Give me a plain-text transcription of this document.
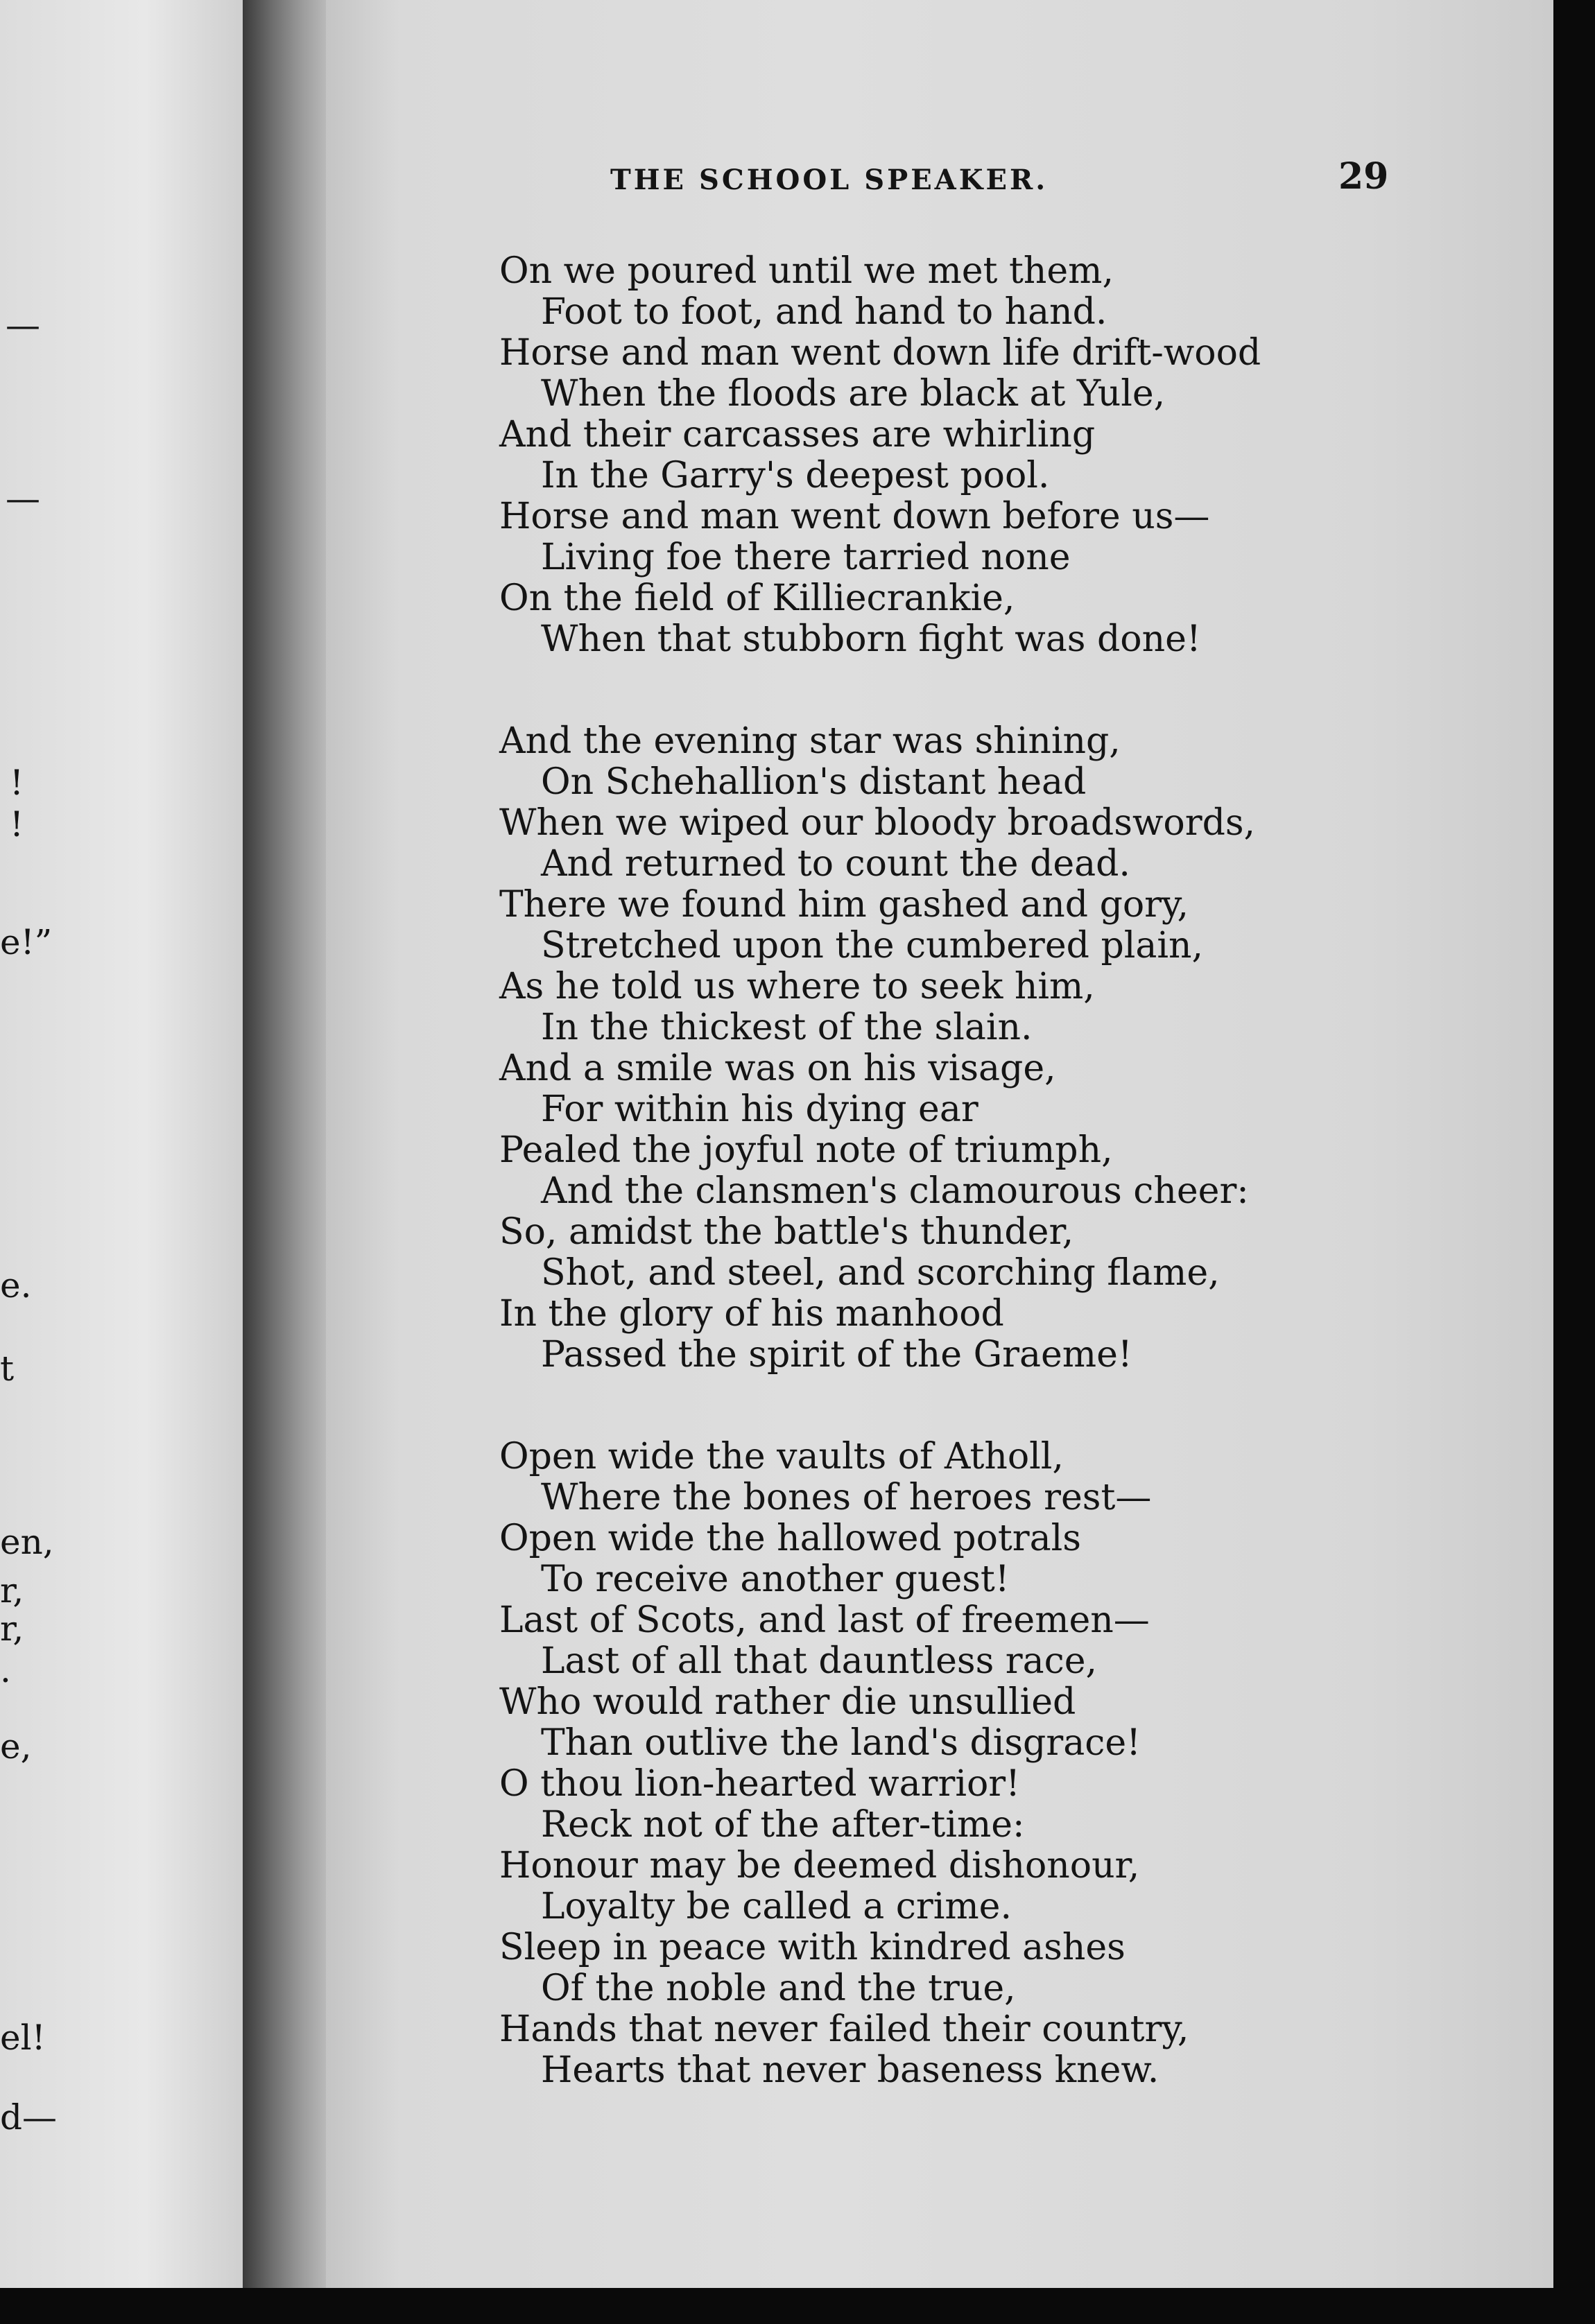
—
—
!
!
e!”
e.
t
en,
r,
r,
.
e,
el!
d—
THE SCHOOL SPEAKER.	29
On we poured until we met them,
Foot to foot, and hand to hand.
Horse and man went down life drift-wood
When the floods are black at Yule,
And their carcasses are whirling
In the Garry's deepest pool.
Horse and man went down before us—
Living foe there tarried none
On the field of Killiecrankie,
When that stubborn fight was done!
And the evening star was shining,
On Schehallion's distant head
When we wiped our bloody broadswords,
And returned to count the dead.
There we found him gashed and gory,
Stretched upon the cumbered plain,
As he told us where to seek him,
In the thickest of the slain.
And a smile was on his visage,
For within his dying ear
Pealed the joyful note of triumph,
And the clansmen's clamourous cheer:
So, amidst the battle's thunder,
Shot, and steel, and scorching flame,
In the glory of his manhood
Passed the spirit of the Graeme!
Open wide the vaults of Atholl,
Where the bones of heroes rest—
Open wide the hallowed potrals
To receive another guest!
Last of Scots, and last of freemen—
Last of all that dauntless race,
Who would rather die unsullied
Than outlive the land's disgrace!
O thou lion-hearted warrior!
Reck not of the after-time:
Honour may be deemed dishonour,
Loyalty be called a crime.
Sleep in peace with kindred ashes
Of the noble and the true,
Hands that never failed their country,
Hearts that never baseness knew.
